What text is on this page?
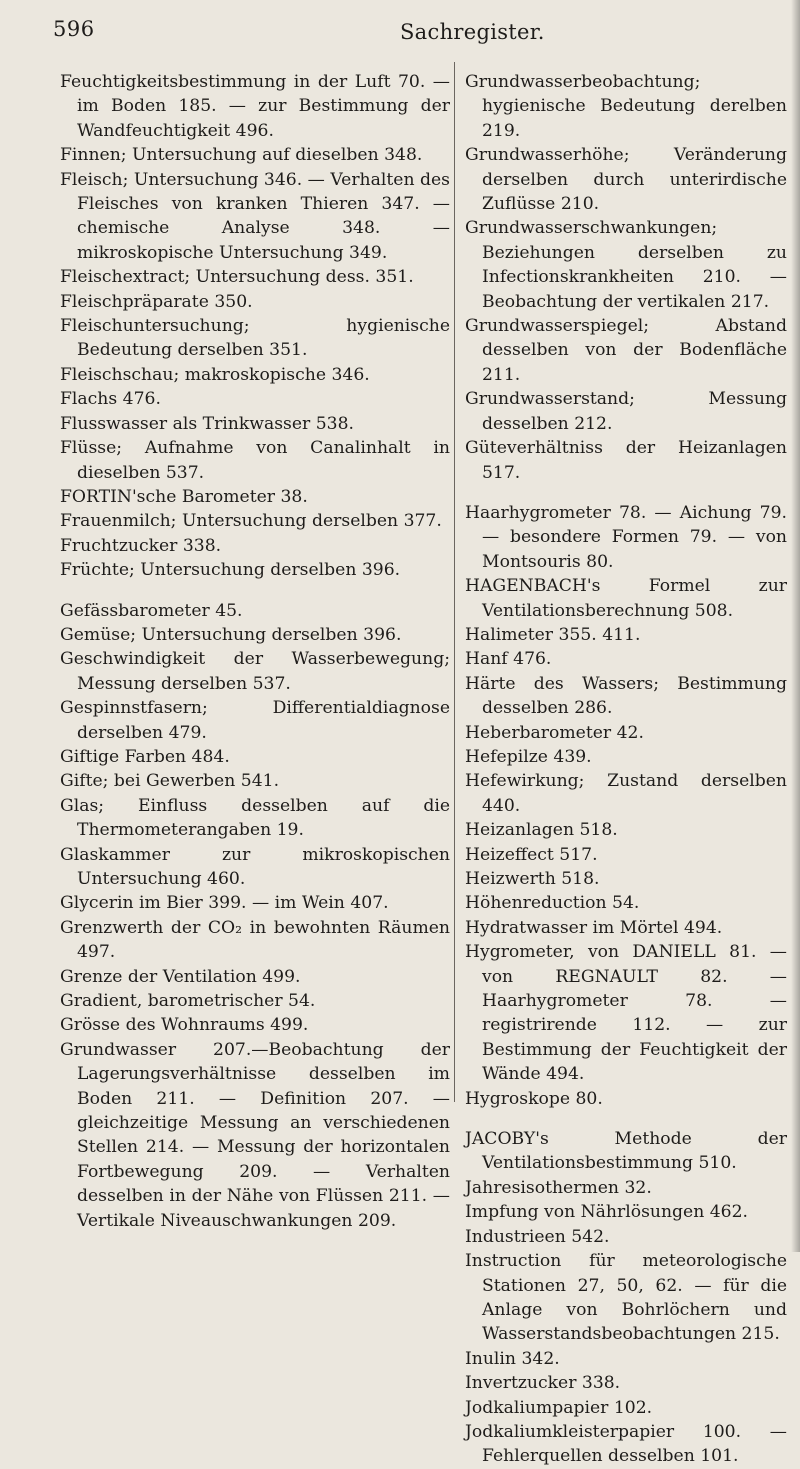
596	Sachregister.
Feuchtigkeitsbestimmung in der Luft 70. — im Boden 185. — zur Bestimmung der Wandfeuchtigkeit 496.
Finnen; Untersuchung auf dieselben 348.
Fleisch; Untersuchung 346. — Verhalten des Fleisches von kranken Thieren 347. — chemische Analyse 348. — mikroskopische Untersuchung 349.
Fleischextract; Untersuchung dess. 351.
Fleischpräparate 350.
Fleischuntersuchung; hygienische Bedeutung derselben 351.
Fleischschau; makroskopische 346.
Flachs 476.
Flusswasser als Trinkwasser 538.
Flüsse; Aufnahme von Canalinhalt in dieselben 537.
FORTIN'sche Barometer 38.
Frauenmilch; Untersuchung derselben 377.
Fruchtzucker 338.
Früchte; Untersuchung derselben 396.
Gefässbarometer 45.
Gemüse; Untersuchung derselben 396.
Geschwindigkeit der Wasserbewegung; Messung derselben 537.
Gespinnstfasern; Differentialdiagnose derselben 479.
Giftige Farben 484.
Gifte; bei Gewerben 541.
Glas; Einfluss desselben auf die Thermometerangaben 19.
Glaskammer zur mikroskopischen Untersuchung 460.
Glycerin im Bier 399. — im Wein 407.
Grenzwerth der CO₂ in bewohnten Räumen 497.
Grenze der Ventilation 499.
Gradient, barometrischer 54.
Grösse des Wohnraums 499.
Grundwasser 207.—Beobachtung der Lagerungsverhältnisse desselben im Boden 211. — Definition 207. — gleichzeitige Messung an verschiedenen Stellen 214. — Messung der horizontalen Fortbewegung 209. — Verhalten desselben in der Nähe von Flüssen 211. — Vertikale Niveauschwankungen 209.
Grundwasserbeobachtung; hygienische Bedeutung derelben 219.
Grundwasserhöhe; Veränderung derselben durch unterirdische Zuflüsse 210.
Grundwasserschwankungen; Beziehungen derselben zu Infectionskrankheiten 210. — Beobachtung der vertikalen 217.
Grundwasserspiegel; Abstand desselben von der Bodenfläche 211.
Grundwasserstand; Messung desselben 212.
Güteverhältniss der Heizanlagen 517.
Haarhygrometer 78. — Aichung 79. — besondere Formen 79. — von Montsouris 80.
HAGENBACH's Formel zur Ventilationsberechnung 508.
Halimeter 355. 411.
Hanf 476.
Härte des Wassers; Bestimmung desselben 286.
Heberbarometer 42.
Hefepilze 439.
Hefewirkung; Zustand derselben 440.
Heizanlagen 518.
Heizeffect 517.
Heizwerth 518.
Höhenreduction 54.
Hydratwasser im Mörtel 494.
Hygrometer, von DANIELL 81. — von REGNAULT 82. — Haarhygrometer 78. — registrirende 112. — zur Bestimmung der Feuchtigkeit der Wände 494.
Hygroskope 80.
JACOBY's Methode der Ventilationsbestimmung 510.
Jahresisothermen 32.
Impfung von Nährlösungen 462.
Industrieen 542.
Instruction für meteorologische Stationen 27, 50, 62. — für die Anlage von Bohrlöchern und Wasserstandsbeobachtungen 215.
Inulin 342.
Invertzucker 338.
Jodkaliumpapier 102.
Jodkaliumkleisterpapier 100. — Fehlerquellen desselben 101.
